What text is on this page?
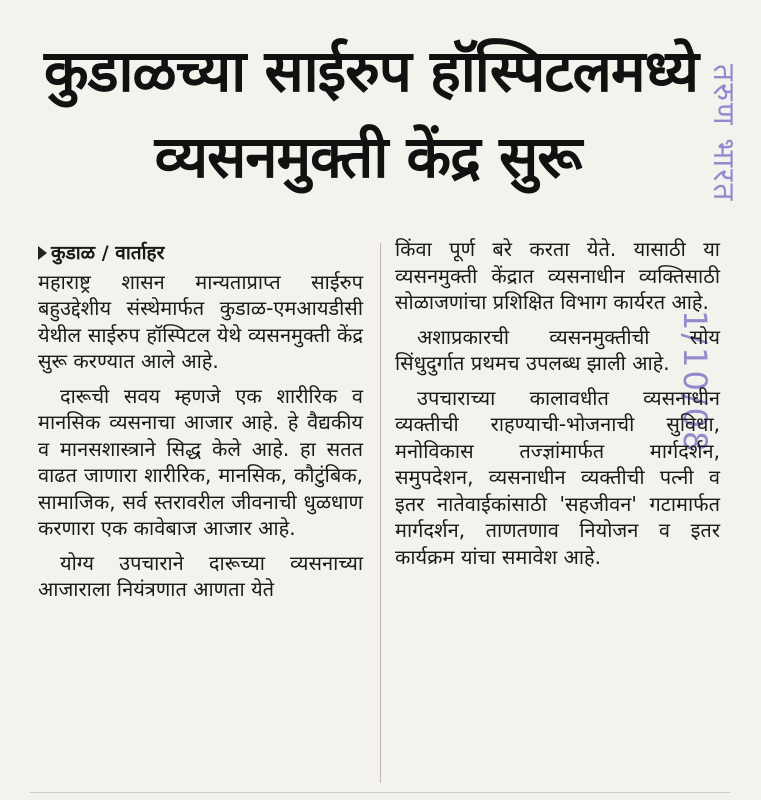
कुडाळच्या साईरुप हॉस्पिटलमध्ये
व्यसनमुक्ती केंद्र सुरू	तरुण भारत
1/10/08
कुडाळ / वार्ताहर

महाराष्ट्र शासन मान्यताप्राप्त साईरुप बहुउद्देशीय संस्थेमार्फत कुडाळ-एमआयडीसी येथील साईरुप हॉस्पिटल येथे व्यसनमुक्ती केंद्र सुरू करण्यात आले आहे.

दारूची सवय म्हणजे एक शारीरिक व मानसिक व्यसनाचा आजार आहे. हे वैद्यकीय व मानसशास्त्राने सिद्ध केले आहे. हा सतत वाढत जाणारा शारीरिक, मानसिक, कौटुंबिक, सामाजिक, सर्व स्तरावरील जीवनाची धुळधाण करणारा एक कावेबाज आजार आहे.

योग्य उपचाराने दारूच्या व्यसनाच्या आजाराला नियंत्रणात आणता येते

किंवा पूर्ण बरे करता येते. यासाठी या व्यसनमुक्ती केंद्रात व्यसनाधीन व्यक्तिसाठी सोळाजणांचा प्रशिक्षित विभाग कार्यरत आहे.

अशाप्रकारची व्यसनमुक्तीची सोय सिंधुदुर्गात प्रथमच उपलब्ध झाली आहे.

उपचाराच्या कालावधीत व्यसनाधीन व्यक्तीची राहण्याची-भोजनाची सुविधा, मनोविकास तज्ज्ञांमार्फत मार्गदर्शन, समुपदेशन, व्यसनाधीन व्यक्तीची पत्नी व इतर नातेवाईकांसाठी 'सहजीवन' गटामार्फत मार्गदर्शन, ताणतणाव नियोजन व इतर कार्यक्रम यांचा समावेश आहे.
